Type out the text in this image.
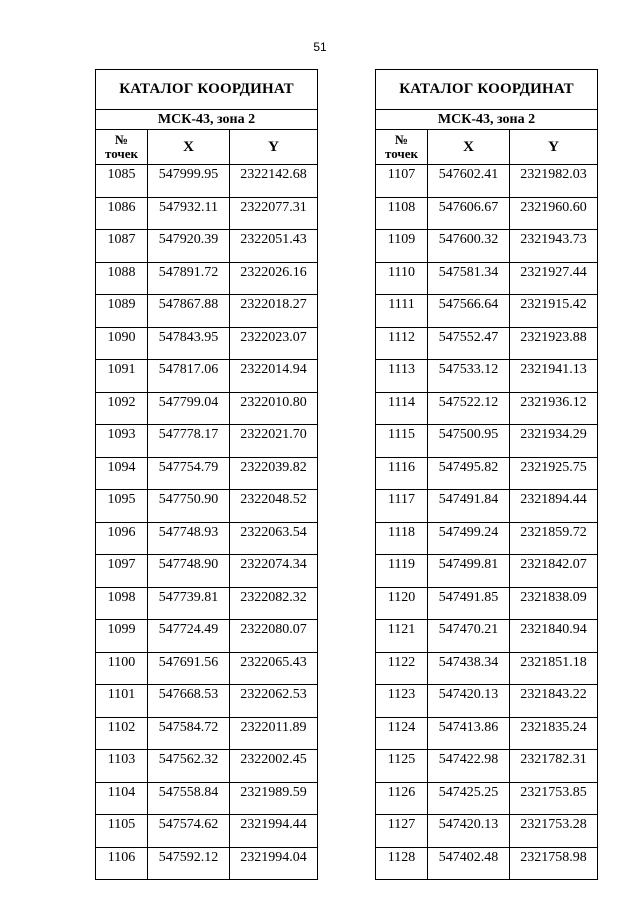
51
КАТАЛОГ КООРДИНАТ		
МСК-43, зона 2		

№
точек	X	Y
1085	547999.95	2322142.68
1086	547932.11	2322077.31
1087	547920.39	2322051.43
1088	547891.72	2322026.16
1089	547867.88	2322018.27
1090	547843.95	2322023.07
1091	547817.06	2322014.94
1092	547799.04	2322010.80
1093	547778.17	2322021.70
1094	547754.79	2322039.82
1095	547750.90	2322048.52
1096	547748.93	2322063.54
1097	547748.90	2322074.34
1098	547739.81	2322082.32
1099	547724.49	2322080.07
1100	547691.56	2322065.43
1101	547668.53	2322062.53
1102	547584.72	2322011.89
1103	547562.32	2322002.45
1104	547558.84	2321989.59
1105	547574.62	2321994.44
1106	547592.12	2321994.04
КАТАЛОГ КООРДИНАТ		
МСК-43, зона 2		

№
точек	X	Y
1107	547602.41	2321982.03
1108	547606.67	2321960.60
1109	547600.32	2321943.73
1110	547581.34	2321927.44
1111	547566.64	2321915.42
1112	547552.47	2321923.88
1113	547533.12	2321941.13
1114	547522.12	2321936.12
1115	547500.95	2321934.29
1116	547495.82	2321925.75
1117	547491.84	2321894.44
1118	547499.24	2321859.72
1119	547499.81	2321842.07
1120	547491.85	2321838.09
1121	547470.21	2321840.94
1122	547438.34	2321851.18
1123	547420.13	2321843.22
1124	547413.86	2321835.24
1125	547422.98	2321782.31
1126	547425.25	2321753.85
1127	547420.13	2321753.28
1128	547402.48	2321758.98
